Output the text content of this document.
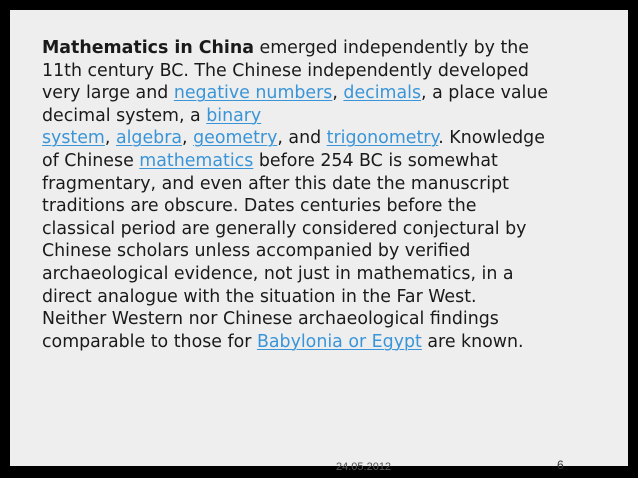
Mathematics in China emerged independently by the
11th century BC. The Chinese independently developed
very large and negative numbers, decimals, a place value
decimal system, a binary
system, algebra, geometry, and trigonometry. Knowledge
of Chinese mathematics before 254 BC is somewhat
fragmentary, and even after this date the manuscript
traditions are obscure. Dates centuries before the
classical period are generally considered conjectural by
Chinese scholars unless accompanied by verified
archaeological evidence, not just in mathematics, in a
direct analogue with the situation in the Far West.
Neither Western nor Chinese archaeological findings
comparable to those for Babylonia or Egypt are known.
24.05.2012	6
